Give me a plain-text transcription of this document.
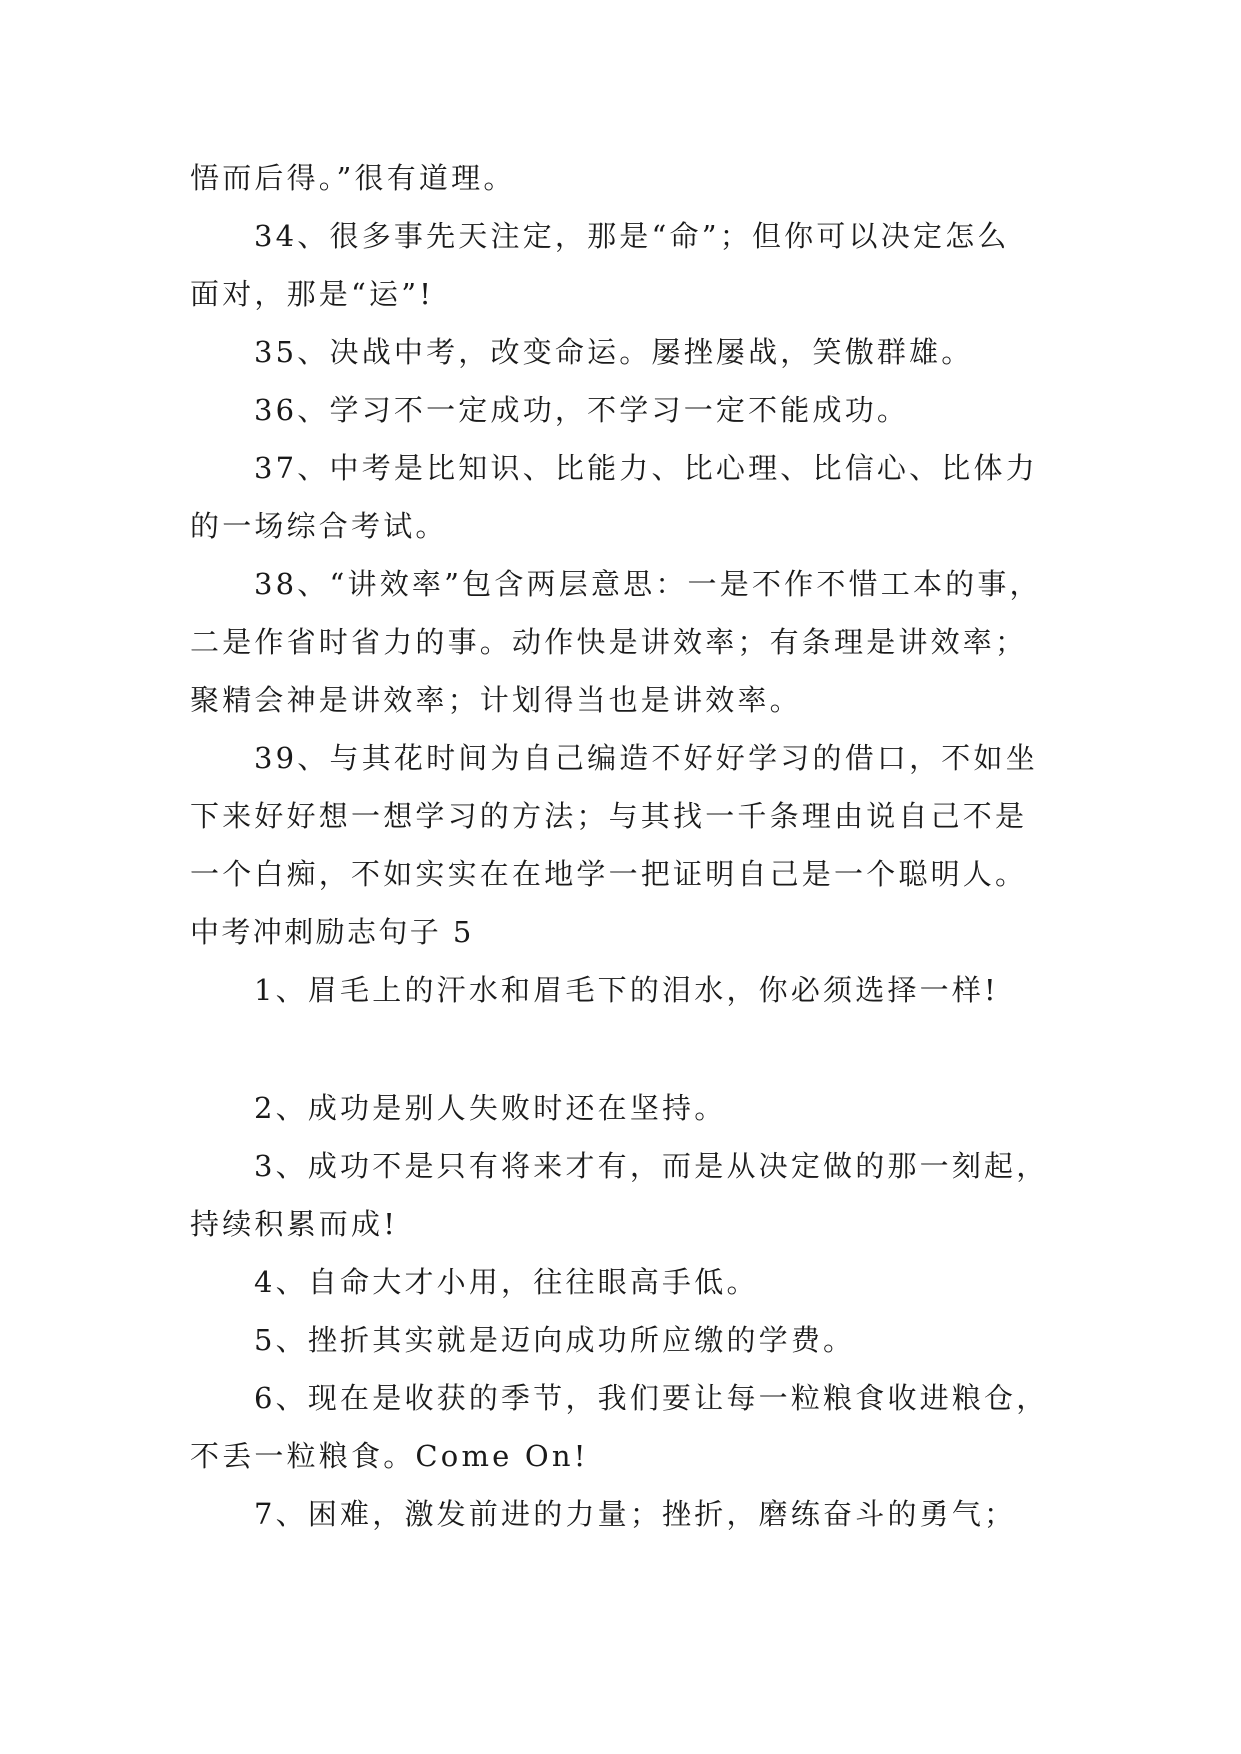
悟而后得。”很有道理。
34、很多事先天注定，那是“命”；但你可以决定怎么
面对，那是“运”!
35、决战中考，改变命运。屡挫屡战，笑傲群雄。
36、学习不一定成功，不学习一定不能成功。
37、中考是比知识、比能力、比心理、比信心、比体力
的一场综合考试。
38、“讲效率”包含两层意思：一是不作不惜工本的事，
二是作省时省力的事。动作快是讲效率；有条理是讲效率；
聚精会神是讲效率；计划得当也是讲效率。
39、与其花时间为自己编造不好好学习的借口，不如坐
下来好好想一想学习的方法；与其找一千条理由说自己不是
一个白痴，不如实实在在地学一把证明自己是一个聪明人。
中考冲刺励志句子 5
1、眉毛上的汗水和眉毛下的泪水，你必须选择一样!
2、成功是别人失败时还在坚持。
3、成功不是只有将来才有，而是从决定做的那一刻起，
持续积累而成!
4、自命大才小用，往往眼高手低。
5、挫折其实就是迈向成功所应缴的学费。
6、现在是收获的季节，我们要让每一粒粮食收进粮仓，
不丢一粒粮食。Come On!
7、困难，激发前进的力量；挫折，磨练奋斗的勇气；
